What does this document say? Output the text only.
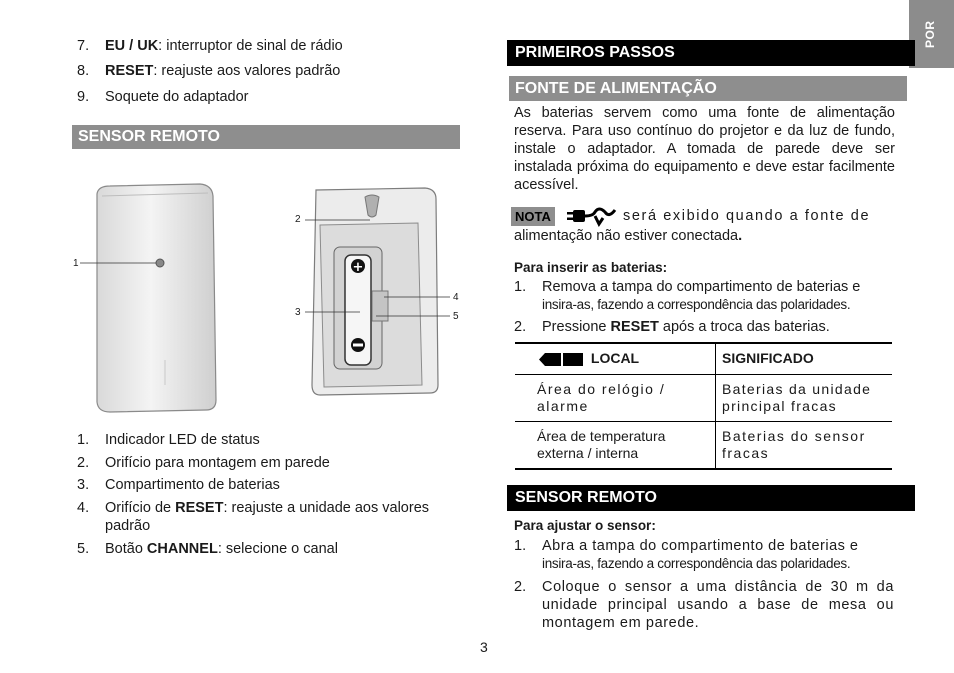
POR
7. EU / UK: interruptor de sinal de rádio
8. RESET: reajuste aos valores padrão
9. Soquete do adaptador
SENSOR REMOTO
1	+
2
3
4
5
1. Indicador LED de status
2. Orifício para montagem em parede
3. Compartimento de baterias
4. Orifício de RESET: reajuste a unidade aos valores
padrão
5. Botão CHANNEL: selecione o canal
PRIMEIROS PASSOS
FONTE DE ALIMENTAÇÃO
As baterias servem como uma fonte de alimentação reserva. Para uso contínuo do projetor e da luz de fundo, instale o adaptador. A tomada de parede deve ser instalada próxima do equipamento e deve estar facilmente acessível.
NOTA	será exibido quando a fonte de
alimentação não estiver conectada.
Para inserir as baterias:
1. Remova a tampa do compartimento de baterias e
insira-as, fazendo a correspondência das polaridades.
2. Pressione RESET após a troca das baterias.
LOCAL	SIGNIFICADO
Área do relógio / alarme	Baterias da unidade principal fracas
Área de temperatura externa / interna	Baterias do sensor fracas
SENSOR REMOTO
Para ajustar o sensor:
1. Abra a tampa do compartimento de baterias e
insira-as, fazendo a correspondência das polaridades.
2. Coloque o sensor a uma distância de 30 m da unidade principal usando a base de mesa ou montagem em parede.
3
